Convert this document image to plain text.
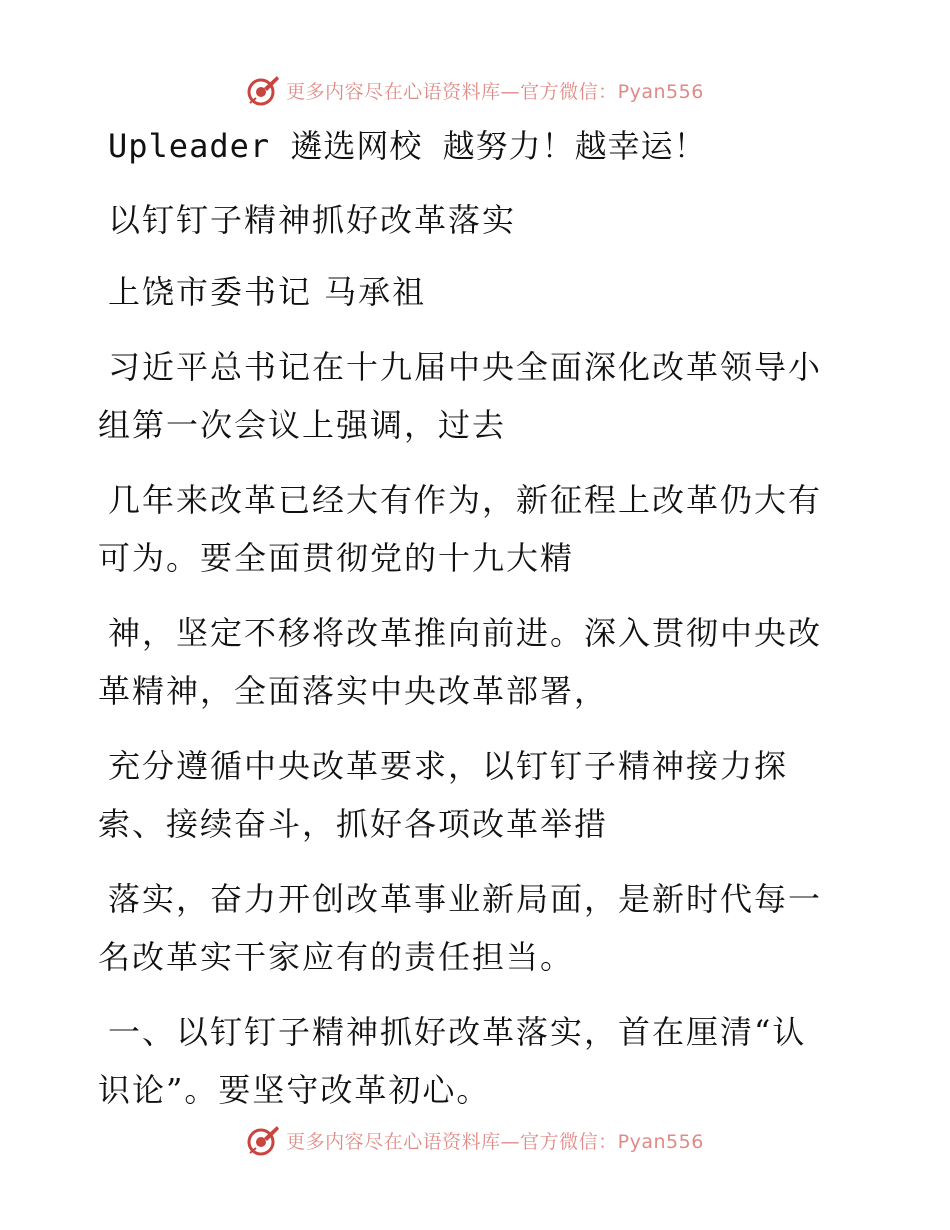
更多内容尽在心语资料库—官方微信：Pyan556
Upleader 遴选网校 越努力！越幸运！
以钉钉子精神抓好改革落实
上饶市委书记 马承祖
习近平总书记在十九届中央全面深化改革领导小
组第一次会议上强调，过去
几年来改革已经大有作为，新征程上改革仍大有
可为。要全面贯彻党的十九大精
神，坚定不移将改革推向前进。深入贯彻中央改
革精神，全面落实中央改革部署，
充分遵循中央改革要求，以钉钉子精神接力探
索、接续奋斗，抓好各项改革举措
落实，奋力开创改革事业新局面，是新时代每一
名改革实干家应有的责任担当。
一、以钉钉子精神抓好改革落实，首在厘清“认
识论”。要坚守改革初心。
更多内容尽在心语资料库—官方微信：Pyan556
